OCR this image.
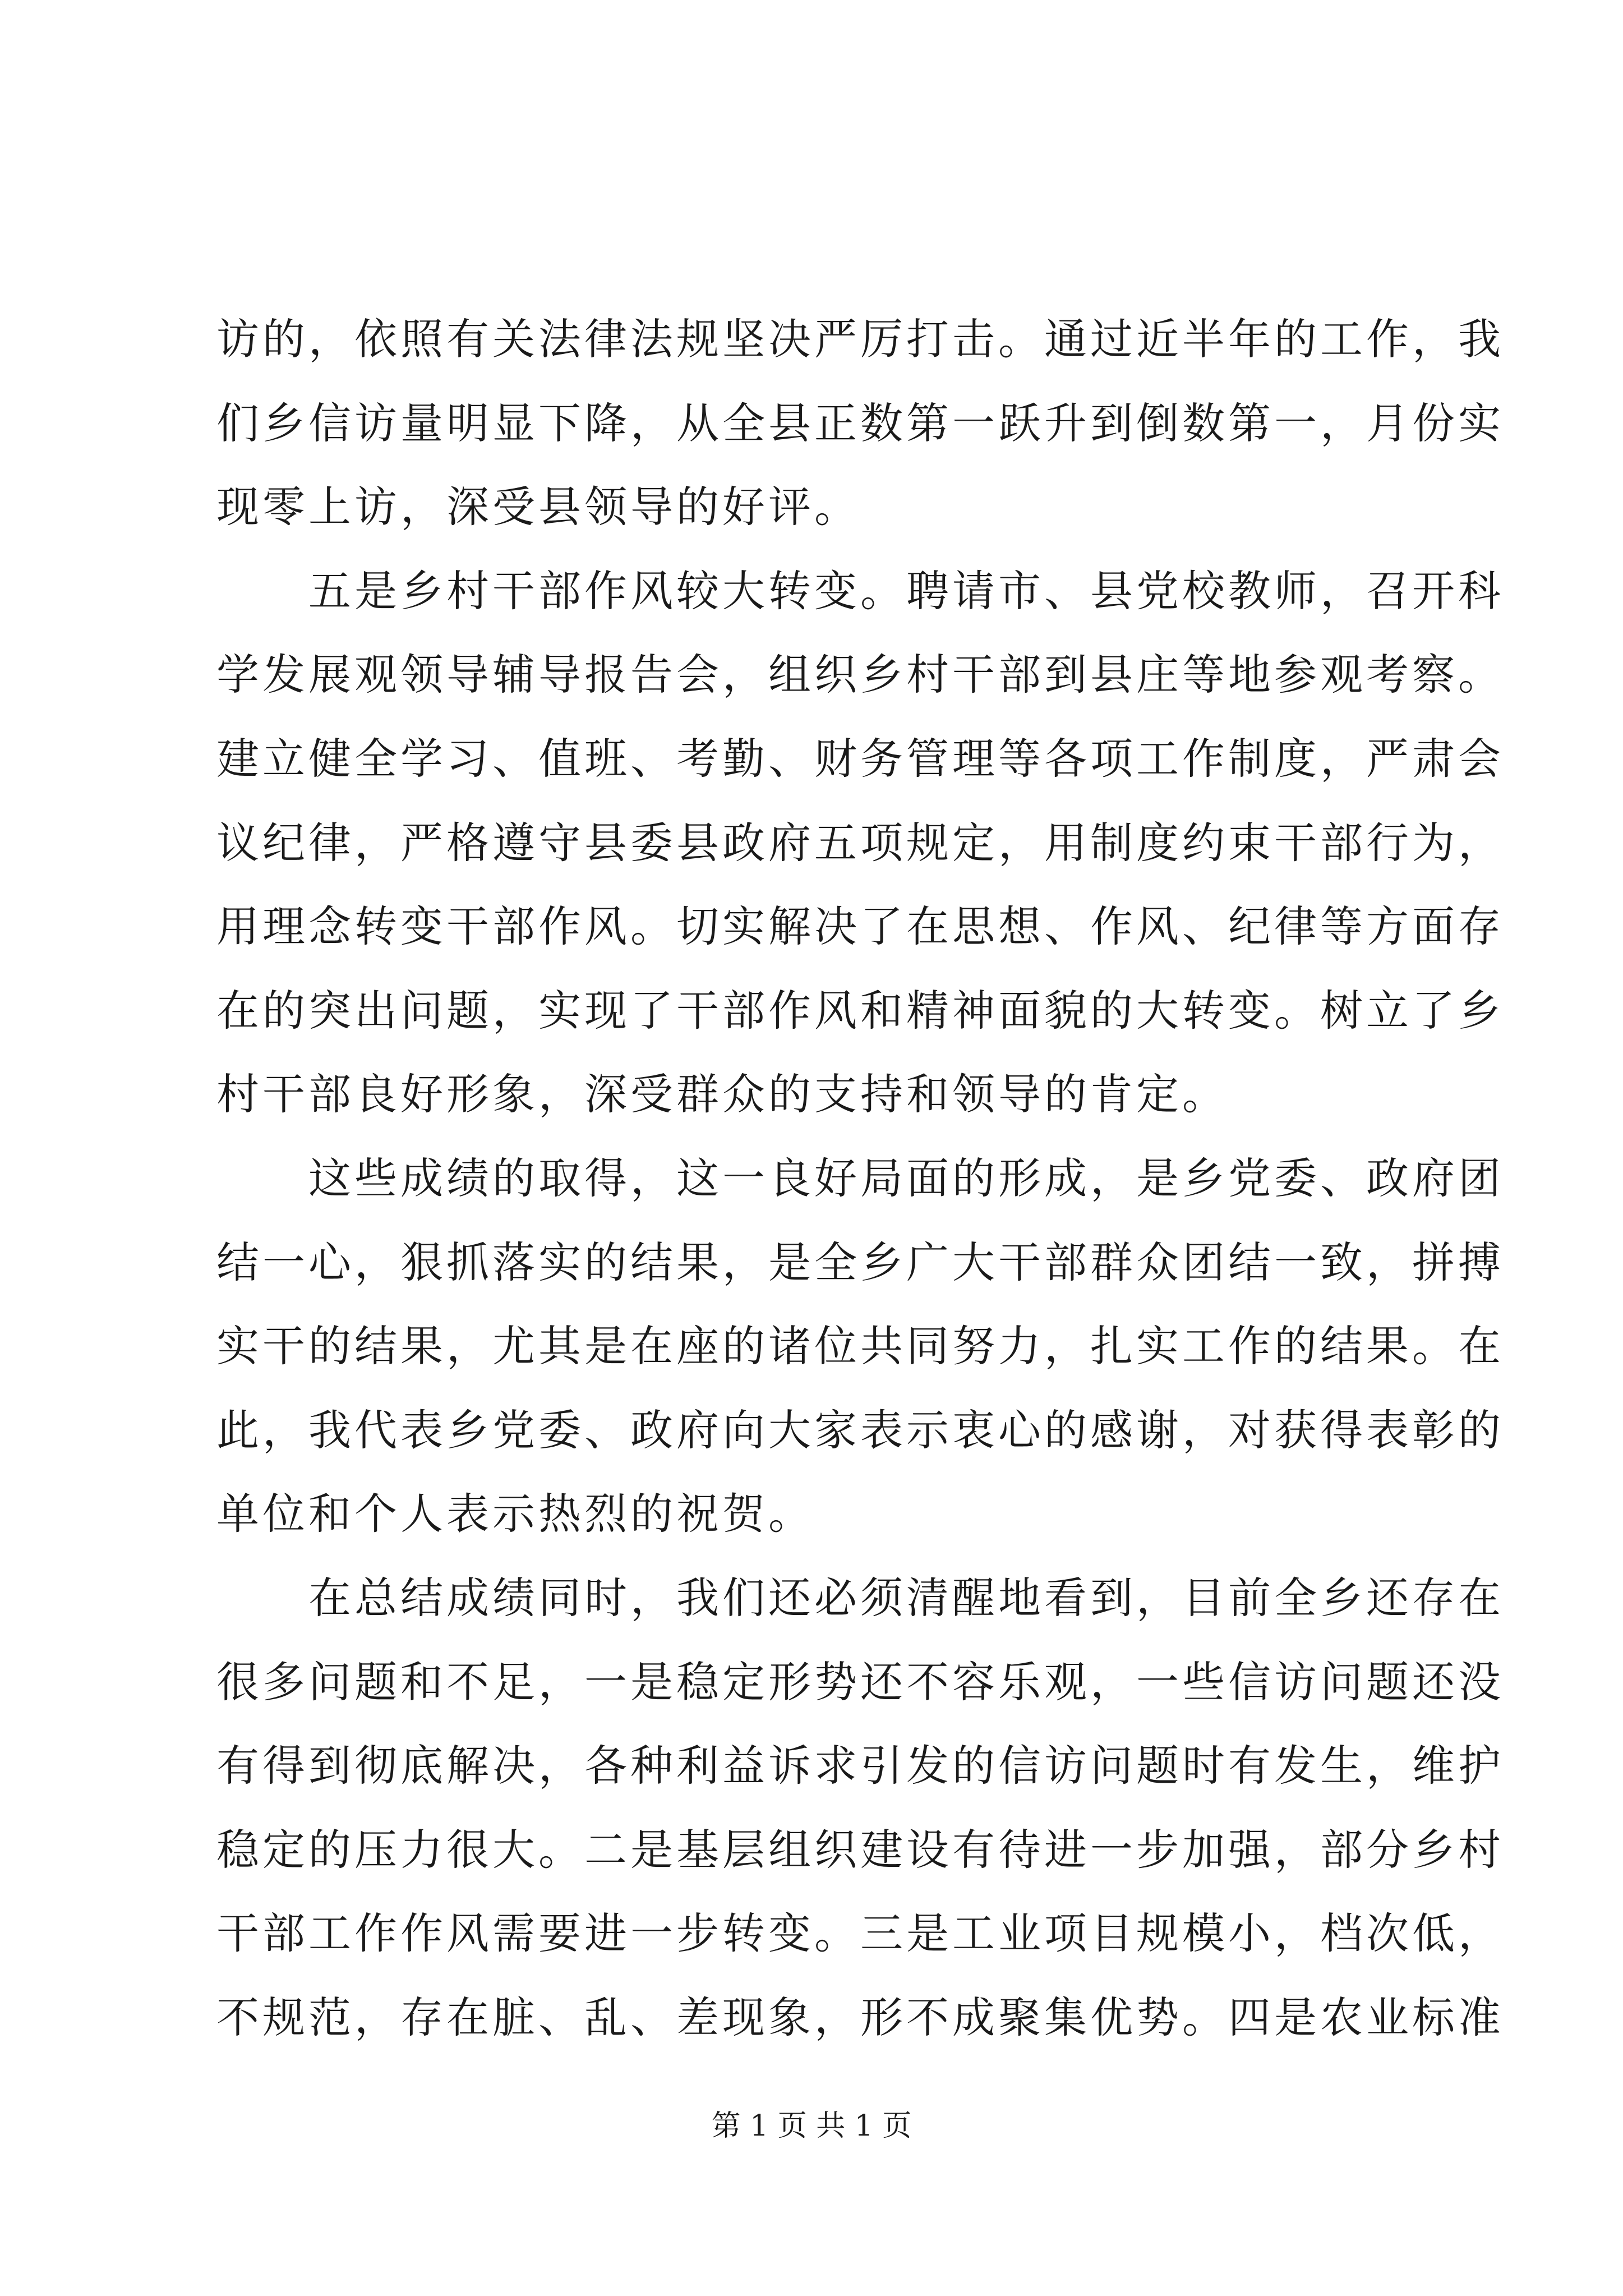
访的，依照有关法律法规坚决严厉打击。通过近半年的工作，我
们乡信访量明显下降，从全县正数第一跃升到倒数第一，月份实
现零上访，深受县领导的好评。
五是乡村干部作风较大转变。聘请市、县党校教师，召开科
学发展观领导辅导报告会，组织乡村干部到县庄等地参观考察。
建立健全学习、值班、考勤、财务管理等各项工作制度，严肃会
议纪律，严格遵守县委县政府五项规定，用制度约束干部行为，
用理念转变干部作风。切实解决了在思想、作风、纪律等方面存
在的突出问题，实现了干部作风和精神面貌的大转变。树立了乡
村干部良好形象，深受群众的支持和领导的肯定。
这些成绩的取得，这一良好局面的形成，是乡党委、政府团
结一心，狠抓落实的结果，是全乡广大干部群众团结一致，拼搏
实干的结果，尤其是在座的诸位共同努力，扎实工作的结果。在
此，我代表乡党委、政府向大家表示衷心的感谢，对获得表彰的
单位和个人表示热烈的祝贺。
在总结成绩同时，我们还必须清醒地看到，目前全乡还存在
很多问题和不足，一是稳定形势还不容乐观，一些信访问题还没
有得到彻底解决，各种利益诉求引发的信访问题时有发生，维护
稳定的压力很大。二是基层组织建设有待进一步加强，部分乡村
干部工作作风需要进一步转变。三是工业项目规模小，档次低，
不规范，存在脏、乱、差现象，形不成聚集优势。四是农业标准
第 1 页 共 1 页
